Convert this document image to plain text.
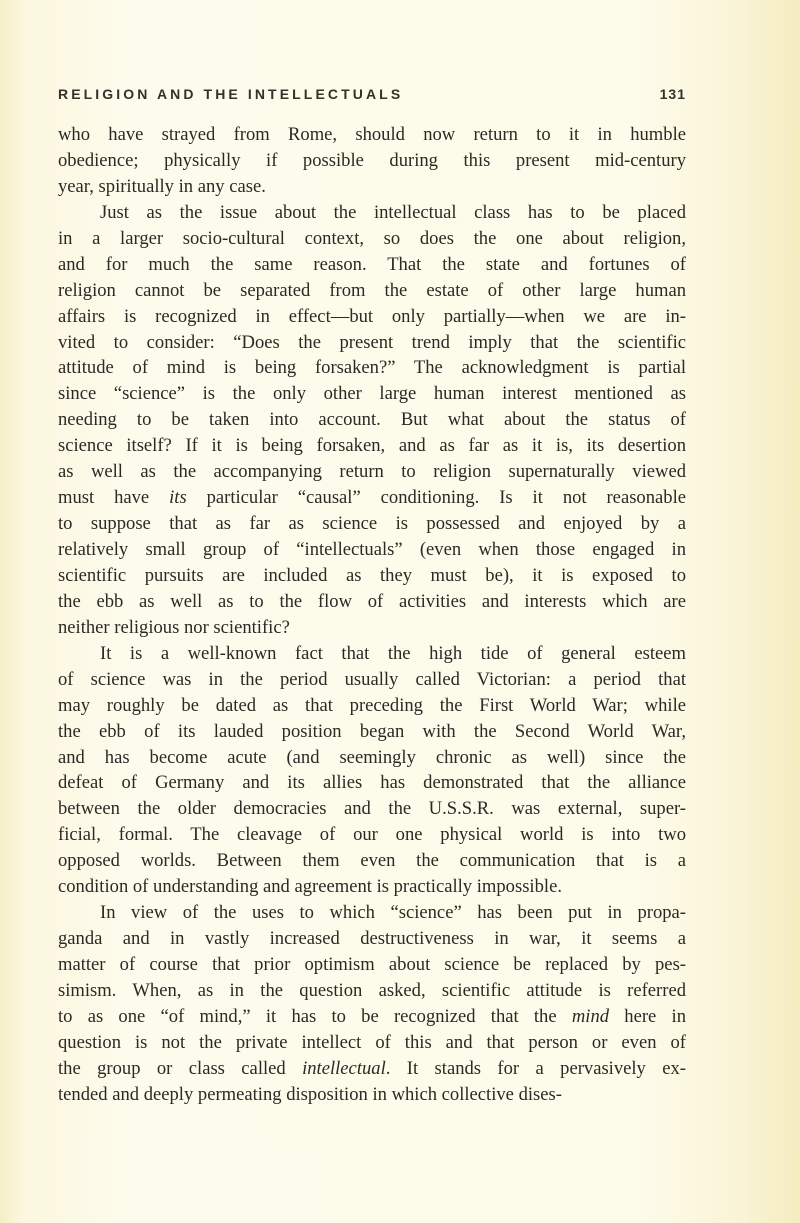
RELIGION AND THE INTELLECTUALS	131
who have strayed from Rome, should now return to it in humble
obedience; physically if possible during this present mid-century
year, spiritually in any case.
Just as the issue about the intellectual class has to be placed
in a larger socio-cultural context, so does the one about religion,
and for much the same reason. That the state and fortunes of
religion cannot be separated from the estate of other large human
affairs is recognized in effect—but only partially—when we are in-
vited to consider: “Does the present trend imply that the scientific
attitude of mind is being forsaken?” The acknowledgment is partial
since “science” is the only other large human interest mentioned as
needing to be taken into account. But what about the status of
science itself? If it is being forsaken, and as far as it is, its desertion
as well as the accompanying return to religion supernaturally viewed
must have its particular “causal” conditioning. Is it not reasonable
to suppose that as far as science is possessed and enjoyed by a
relatively small group of “intellectuals” (even when those engaged in
scientific pursuits are included as they must be), it is exposed to
the ebb as well as to the flow of activities and interests which are
neither religious nor scientific?
It is a well-known fact that the high tide of general esteem
of science was in the period usually called Victorian: a period that
may roughly be dated as that preceding the First World War; while
the ebb of its lauded position began with the Second World War,
and has become acute (and seemingly chronic as well) since the
defeat of Germany and its allies has demonstrated that the alliance
between the older democracies and the U.S.S.R. was external, super-
ficial, formal. The cleavage of our one physical world is into two
opposed worlds. Between them even the communication that is a
condition of understanding and agreement is practically impossible.
In view of the uses to which “science” has been put in propa-
ganda and in vastly increased destructiveness in war, it seems a
matter of course that prior optimism about science be replaced by pes-
simism. When, as in the question asked, scientific attitude is referred
to as one “of mind,” it has to be recognized that the mind here in
question is not the private intellect of this and that person or even of
the group or class called intellectual. It stands for a pervasively ex-
tended and deeply permeating disposition in which collective dises-
